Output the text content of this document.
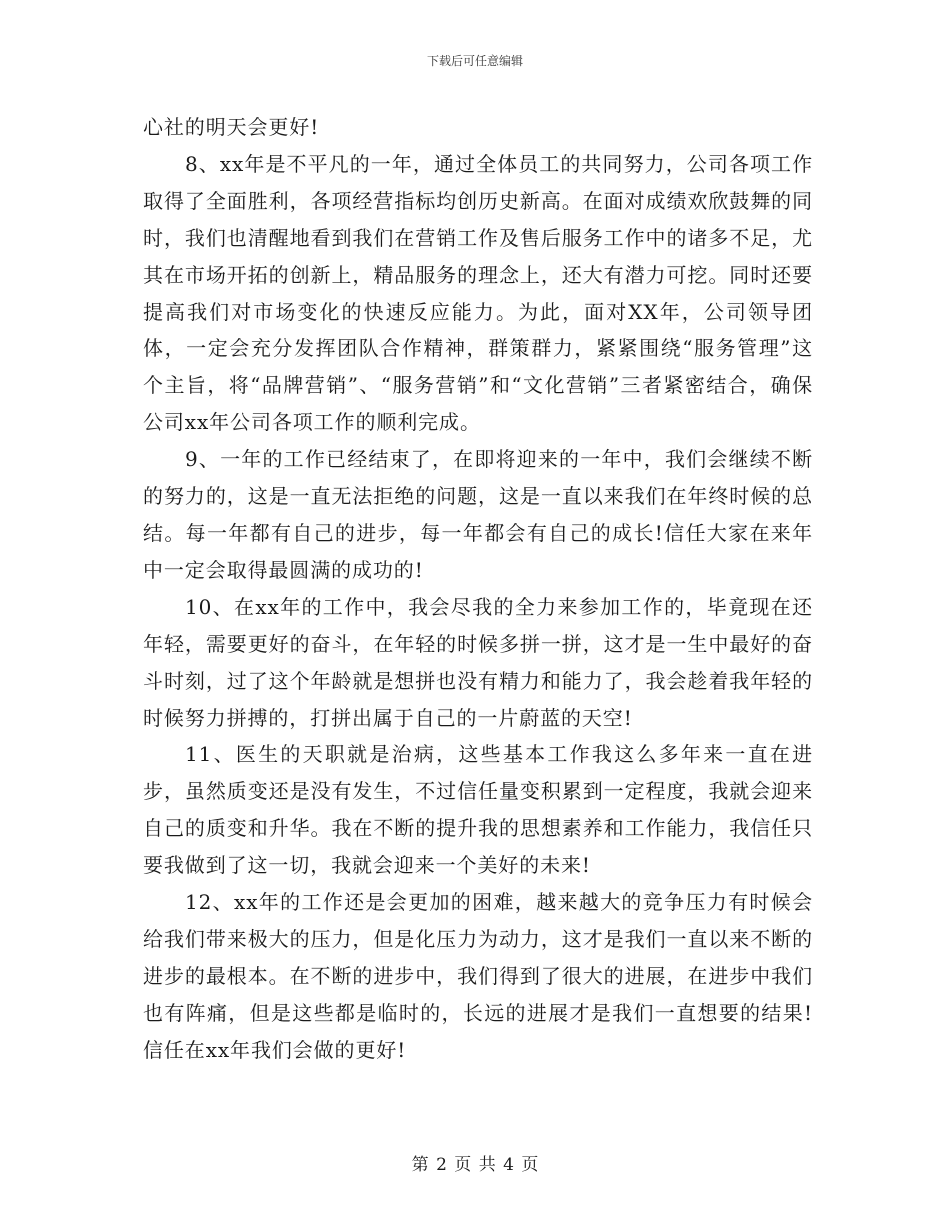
下载后可任意编辑

心社的明天会更好!

8、xx年是不平凡的一年，通过全体员工的共同努力，公司各项工作取得了全面胜利，各项经营指标均创历史新高。在面对成绩欢欣鼓舞的同时，我们也清醒地看到我们在营销工作及售后服务工作中的诸多不足，尤其在市场开拓的创新上，精品服务的理念上，还大有潜力可挖。同时还要提高我们对市场变化的快速反应能力。为此，面对XX年，公司领导团体，一定会充分发挥团队合作精神，群策群力，紧紧围绕“服务管理”这个主旨，将“品牌营销”、“服务营销”和“文化营销”三者紧密结合，确保公司xx年公司各项工作的顺利完成。

9、一年的工作已经结束了，在即将迎来的一年中，我们会继续不断的努力的，这是一直无法拒绝的问题，这是一直以来我们在年终时候的总结。每一年都有自己的进步，每一年都会有自己的成长!信任大家在来年中一定会取得最圆满的成功的!

10、在xx年的工作中，我会尽我的全力来参加工作的，毕竟现在还年轻，需要更好的奋斗，在年轻的时候多拼一拼，这才是一生中最好的奋斗时刻，过了这个年龄就是想拼也没有精力和能力了，我会趁着我年轻的时候努力拼搏的，打拼出属于自己的一片蔚蓝的天空!

11、医生的天职就是治病，这些基本工作我这么多年来一直在进步，虽然质变还是没有发生，不过信任量变积累到一定程度，我就会迎来自己的质变和升华。我在不断的提升我的思想素养和工作能力，我信任只要我做到了这一切，我就会迎来一个美好的未来!

12、xx年的工作还是会更加的困难，越来越大的竞争压力有时候会给我们带来极大的压力，但是化压力为动力，这才是我们一直以来不断的进步的最根本。在不断的进步中，我们得到了很大的进展，在进步中我们也有阵痛，但是这些都是临时的，长远的进展才是我们一直想要的结果!信任在xx年我们会做的更好!

第 2 页 共 4 页
